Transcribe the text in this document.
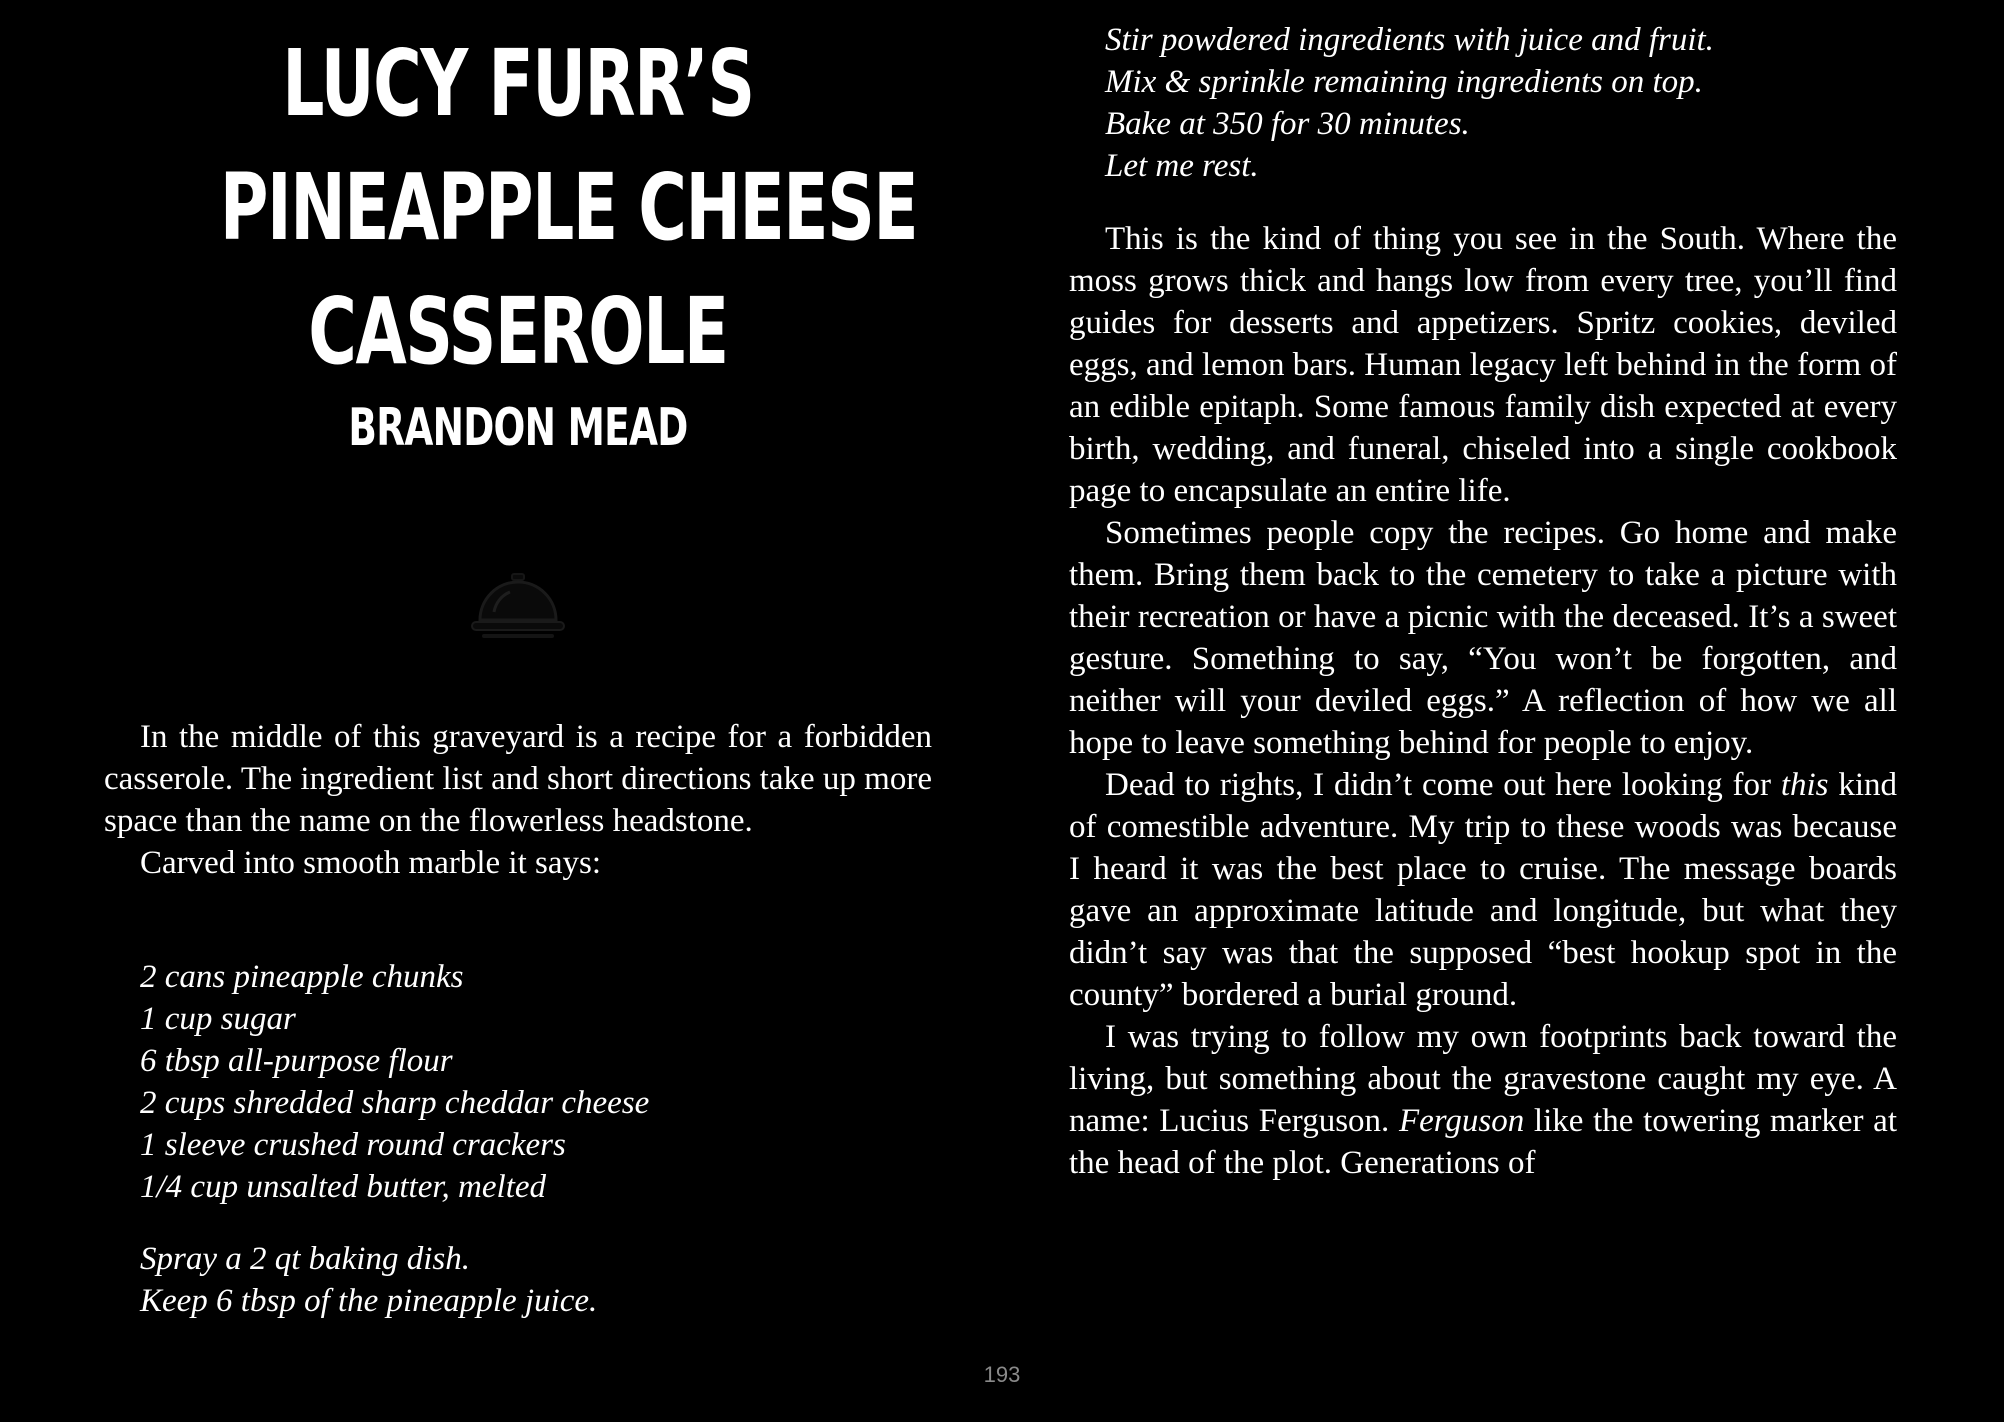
LUCY FURR’S
PINEAPPLE CHEESE
CASSEROLE
BRANDON MEAD

In the middle of this graveyard is a recipe for a forbidden casserole. The ingredient list and short directions take up more space than the name on the flowerless headstone.

Carved into smooth marble it says:

2 cans pineapple chunks
1 cup sugar
6 tbsp all-purpose flour
2 cups shredded sharp cheddar cheese
1 sleeve crushed round crackers
1/4 cup unsalted butter, melted
Spray a 2 qt baking dish.
Keep 6 tbsp of the pineapple juice.
Stir powdered ingredients with juice and fruit.
Mix & sprinkle remaining ingredients on top.
Bake at 350 for 30 minutes.
Let me rest.

This is the kind of thing you see in the South. Where the moss grows thick and hangs low from every tree, you’ll find guides for desserts and appetizers. Spritz cookies, deviled eggs, and lemon bars. Human legacy left behind in the form of an edible epitaph. Some famous family dish expected at every birth, wedding, and funeral, chiseled into a single cookbook page to encapsulate an entire life.

Sometimes people copy the recipes. Go home and make them. Bring them back to the cemetery to take a picture with their recreation or have a picnic with the deceased. It’s a sweet gesture. Something to say, “You won’t be forgotten, and neither will your deviled eggs.” A reflection of how we all hope to leave something behind for people to enjoy.

Dead to rights, I didn’t come out here looking for this kind of comestible adventure. My trip to these woods was because I heard it was the best place to cruise. The message boards gave an approximate latitude and longitude, but what they didn’t say was that the supposed “best hookup spot in the county” bordered a burial ground.

I was trying to follow my own footprints back toward the living, but something about the gravestone caught my eye. A name: Lucius Ferguson. Ferguson like the towering marker at the head of the plot. Generations of

193
